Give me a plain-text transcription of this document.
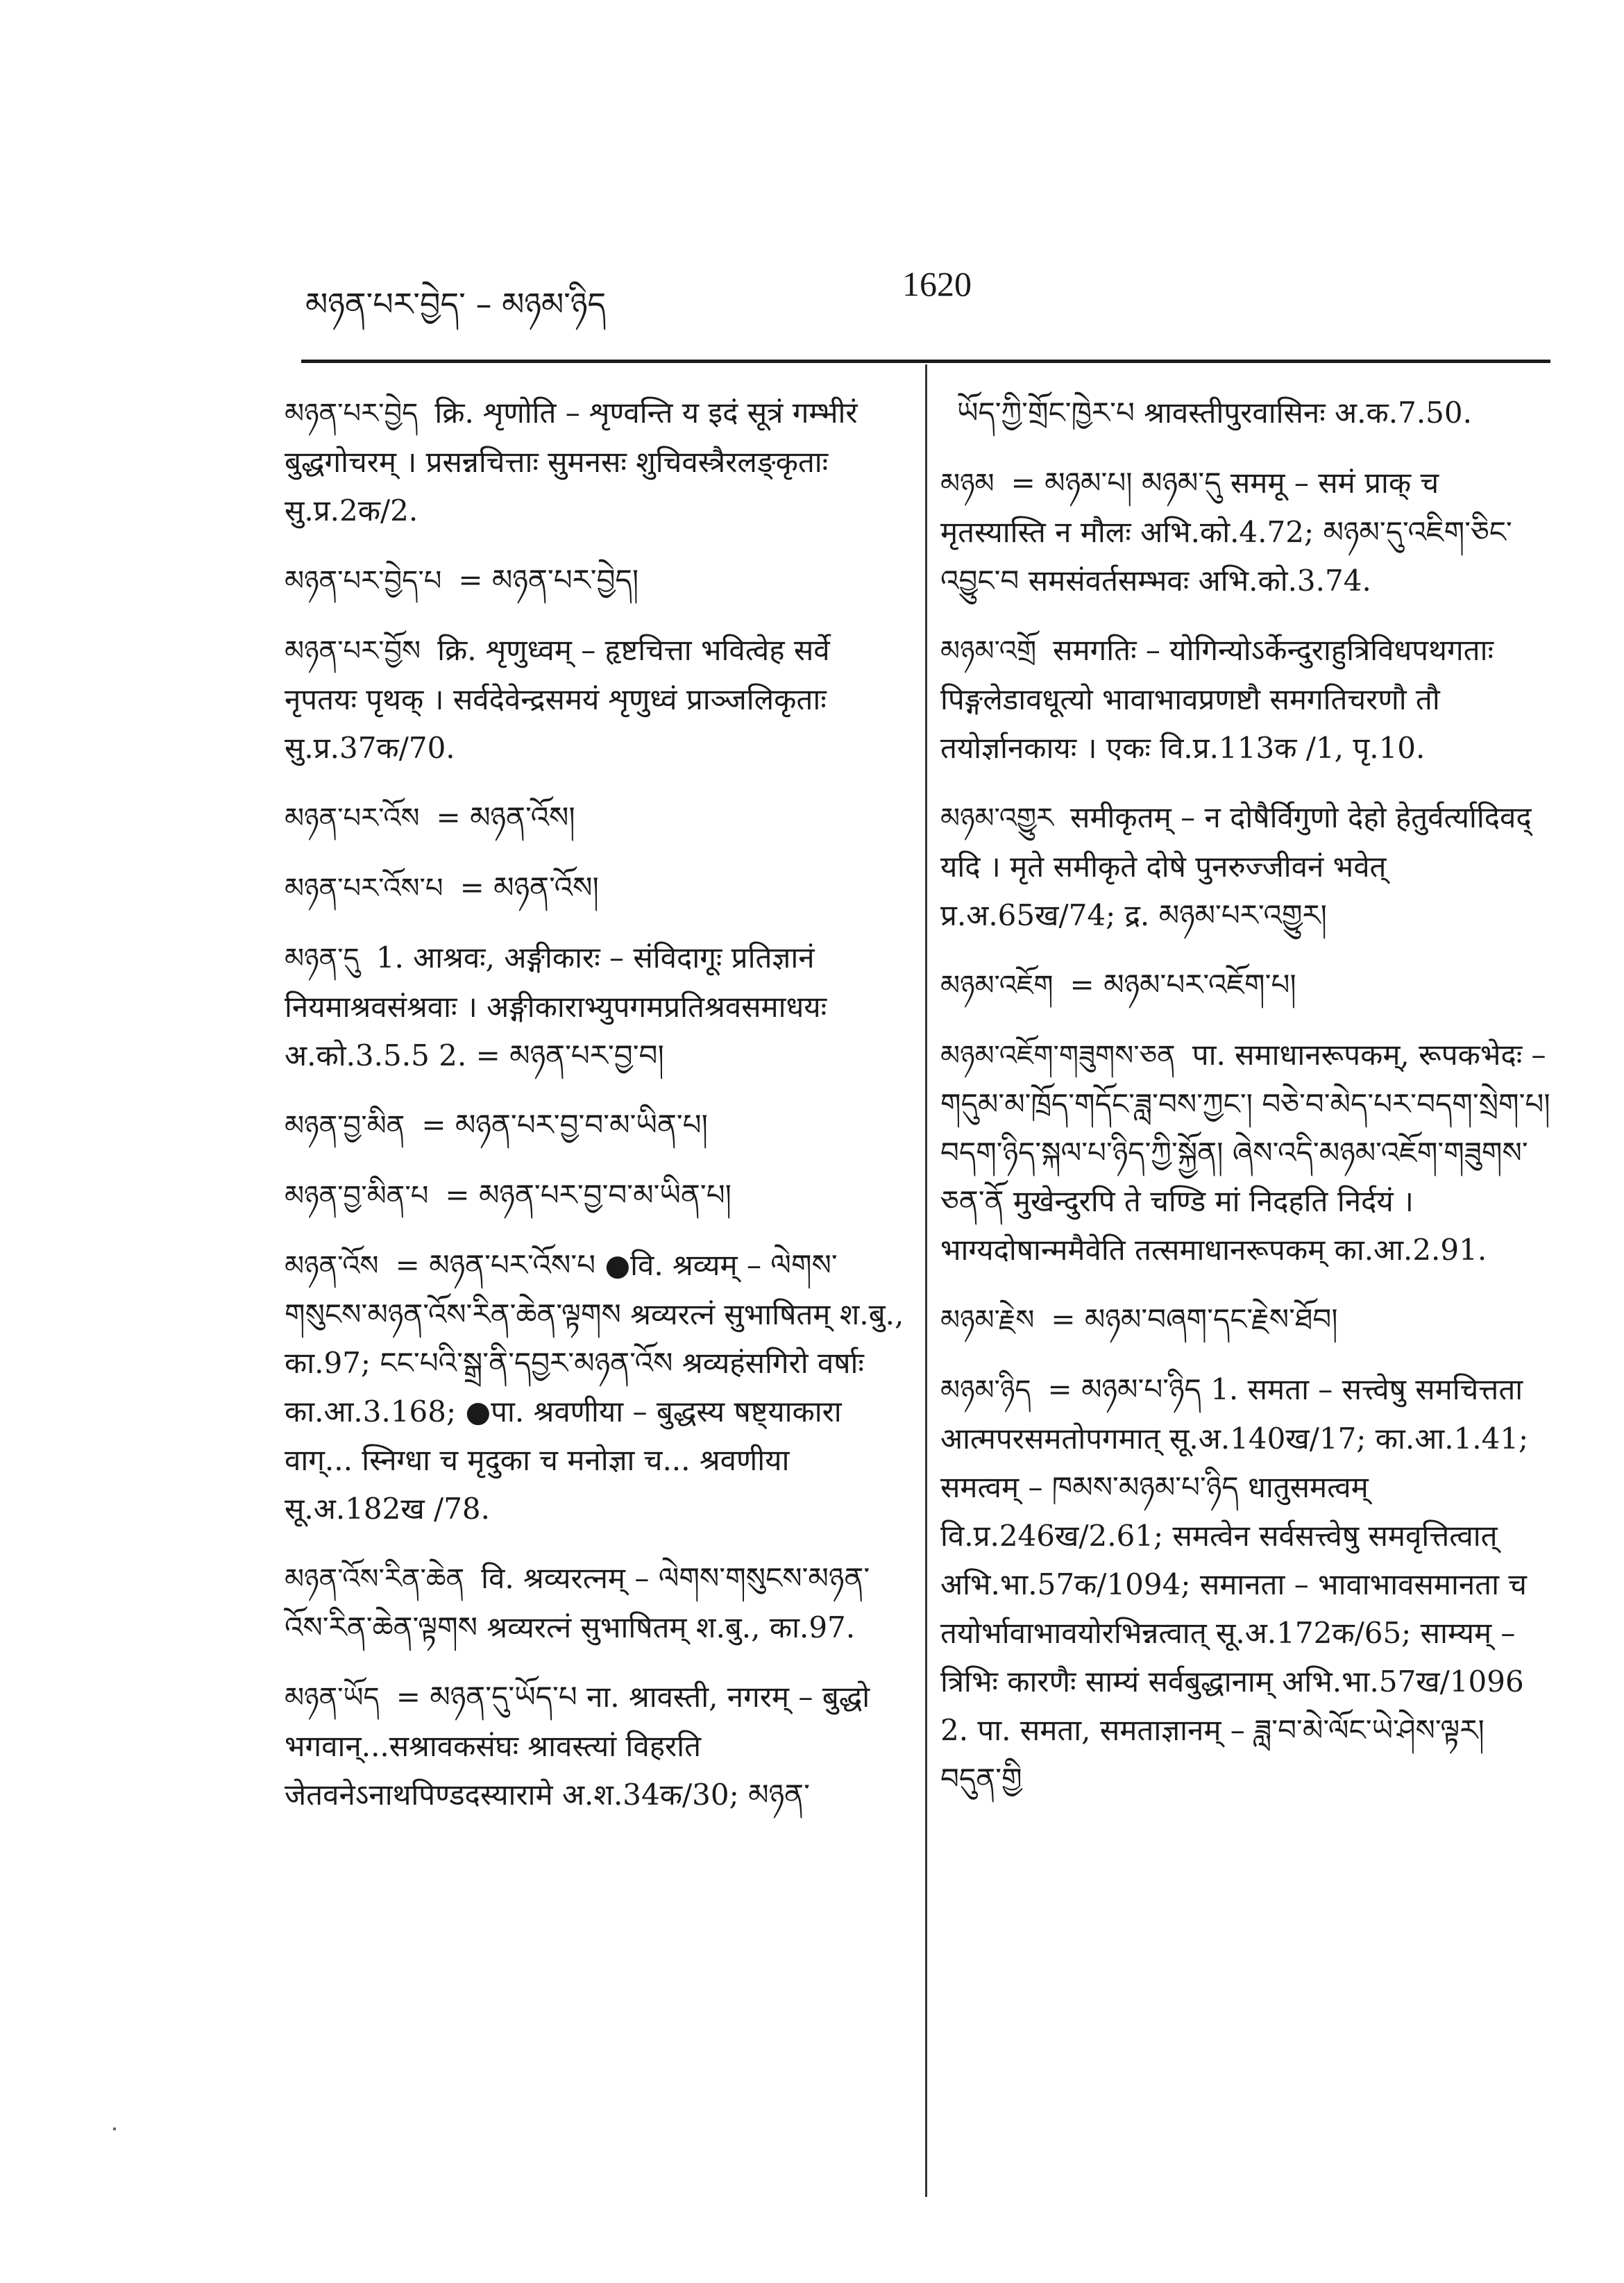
མཉན་པར་བྱེད་ – མཉམ་ཉིད
1620

མཉན་པར་བྱེད क्रि. शृणोति – शृण्वन्ति य इदं सूत्रं गम्भीरं बुद्धगोचरम् । प्रसन्नचित्ताः सुमनसः शुचिवस्त्रैरलङ्कृताः सु.प्र.2क/2.

མཉན་པར་བྱེད་པ = མཉན་པར་བྱེད།

མཉན་པར་བྱོས क्रि. शृणुध्वम् – हृष्टचित्ता भवित्वेह सर्वे नृपतयः पृथक् । सर्वदेवेन्द्रसमयं शृणुध्वं प्राञ्जलिकृताः सु.प्र.37क/70.

མཉན་པར་འོས = མཉན་འོས།

མཉན་པར་འོས་པ = མཉན་འོས།

མཉན་དུ 1. आश्रवः, अङ्गीकारः – संविदागूः प्रतिज्ञानं नियमाश्रवसंश्रवाः । अङ्गीकाराभ्युपगमप्रतिश्रवसमाधयः अ.को.3.5.5 2. = མཉན་པར་བྱ་བ།

མཉན་བྱ་མིན = མཉན་པར་བྱ་བ་མ་ཡིན་པ།

མཉན་བྱ་མིན་པ = མཉན་པར་བྱ་བ་མ་ཡིན་པ།

མཉན་འོས = མཉན་པར་འོས་པ ●वि. श्रव्यम् – ལེགས་གསུངས་མཉན་འོས་རིན་ཆེན་ལྟགས श्रव्यरत्नं सुभाषितम् श.बु., का.97; ངང་པའི་སྒྲ་ནི་དབྱར་མཉན་འོས श्रव्यहंसगिरो वर्षाः का.आ.3.168; ●पा. श्रवणीया – बुद्धस्य षष्ट्याकारा वाग्... स्निग्धा च मृदुका च मनोज्ञा च... श्रवणीया सू.अ.182ख /78.

མཉན་འོས་རིན་ཆེན वि. श्रव्यरत्नम् – ལེགས་གསུངས་མཉན་འོས་རིན་ཆེན་ལྟགས श्रव्यरत्नं सुभाषितम् श.बु., का.97.

མཉན་ཡོད = མཉན་དུ་ཡོད་པ ना. श्रावस्ती, नगरम् – बुद्धो भगवान्...सश्रावकसंघः श्रावस्त्यां विहरति जेतवनेऽनाथपिण्डदस्यारामे अ.श.34क/30; མཉན་

ཡོད་ཀྱི་གྲོང་ཁྱེར་པ श्रावस्तीपुरवासिनः अ.क.7.50.

མཉམ = མཉམ་པ། མཉམ་དུ सममू – समं प्राक् च मृतस्यास्ति न मौलः अभि.को.4.72; མཉམ་དུ་འཇིག་ཅིང་འབྱུང་བ समसंवर्तसम्भवः अभि.को.3.74.

མཉམ་འགྲོ समगतिः – योगिन्योऽर्केन्दुराहुत्रिविधपथगताः पिङ्गलेडावधूत्यो भावाभावप्रणष्टौ समगतिचरणौ तौ तयोर्ज्ञानकायः । एकः वि.प्र.113क /1, पृ.10.

མཉམ་འགྱུར समीकृतम् – न दोषैर्विगुणो देहो हेतुर्वर्त्यादिवद् यदि । मृते समीकृते दोषे पुनरुज्जीवनं भवेत् प्र.अ.65ख/74; द्र. མཉམ་པར་འགྱུར།

མཉམ་འཇོག = མཉམ་པར་འཇོག་པ།

མཉམ་འཇོག་གཟུགས་ཅན पा. समाधानरूपकम्, रूपकभेदः – གདུམ་མ་ཁྲོད་གདོང་ཟླ་བས་ཀྱང་། བཅེ་བ་མེད་པར་བདག་སྲེག་པ། བདག་ཉིད་སྐལ་པ་ཉིད་ཀྱི་སྐྱོན། ཞེས་འདི་མཉམ་འཇོག་གཟུགས་ཅན་ནོ मुखेन्दुरपि ते चण्डि मां निदहति निर्दयं । भाग्यदोषान्ममैवेति तत्समाधानरूपकम् का.आ.2.91.

མཉམ་རྗེས = མཉམ་བཞག་དང་རྗེས་ཐོབ།

མཉམ་ཉིད = མཉམ་པ་ཉིད 1. समता – सत्त्वेषु समचित्तता आत्मपरसमतोपगमात् सू.अ.140ख/17; का.आ.1.41; समत्वम् – ཁམས་མཉམ་པ་ཉིད धातुसमत्वम् वि.प्र.246ख/2.61; समत्वेन सर्वसत्त्वेषु समवृत्तित्वात् अभि.भा.57क/1094; समानता – भावाभावसमानता च तयोर्भावाभावयोरभिन्नत्वात् सू.अ.172क/65; साम्यम् – त्रिभिः कारणैः साम्यं सर्वबुद्धानाम् अभि.भा.57ख/1096 2. पा. समता, समताज्ञानम् – ཟླ་བ་མེ་ལོང་ཡེ་ཤེས་ལྟར། བདུན་གྱི
